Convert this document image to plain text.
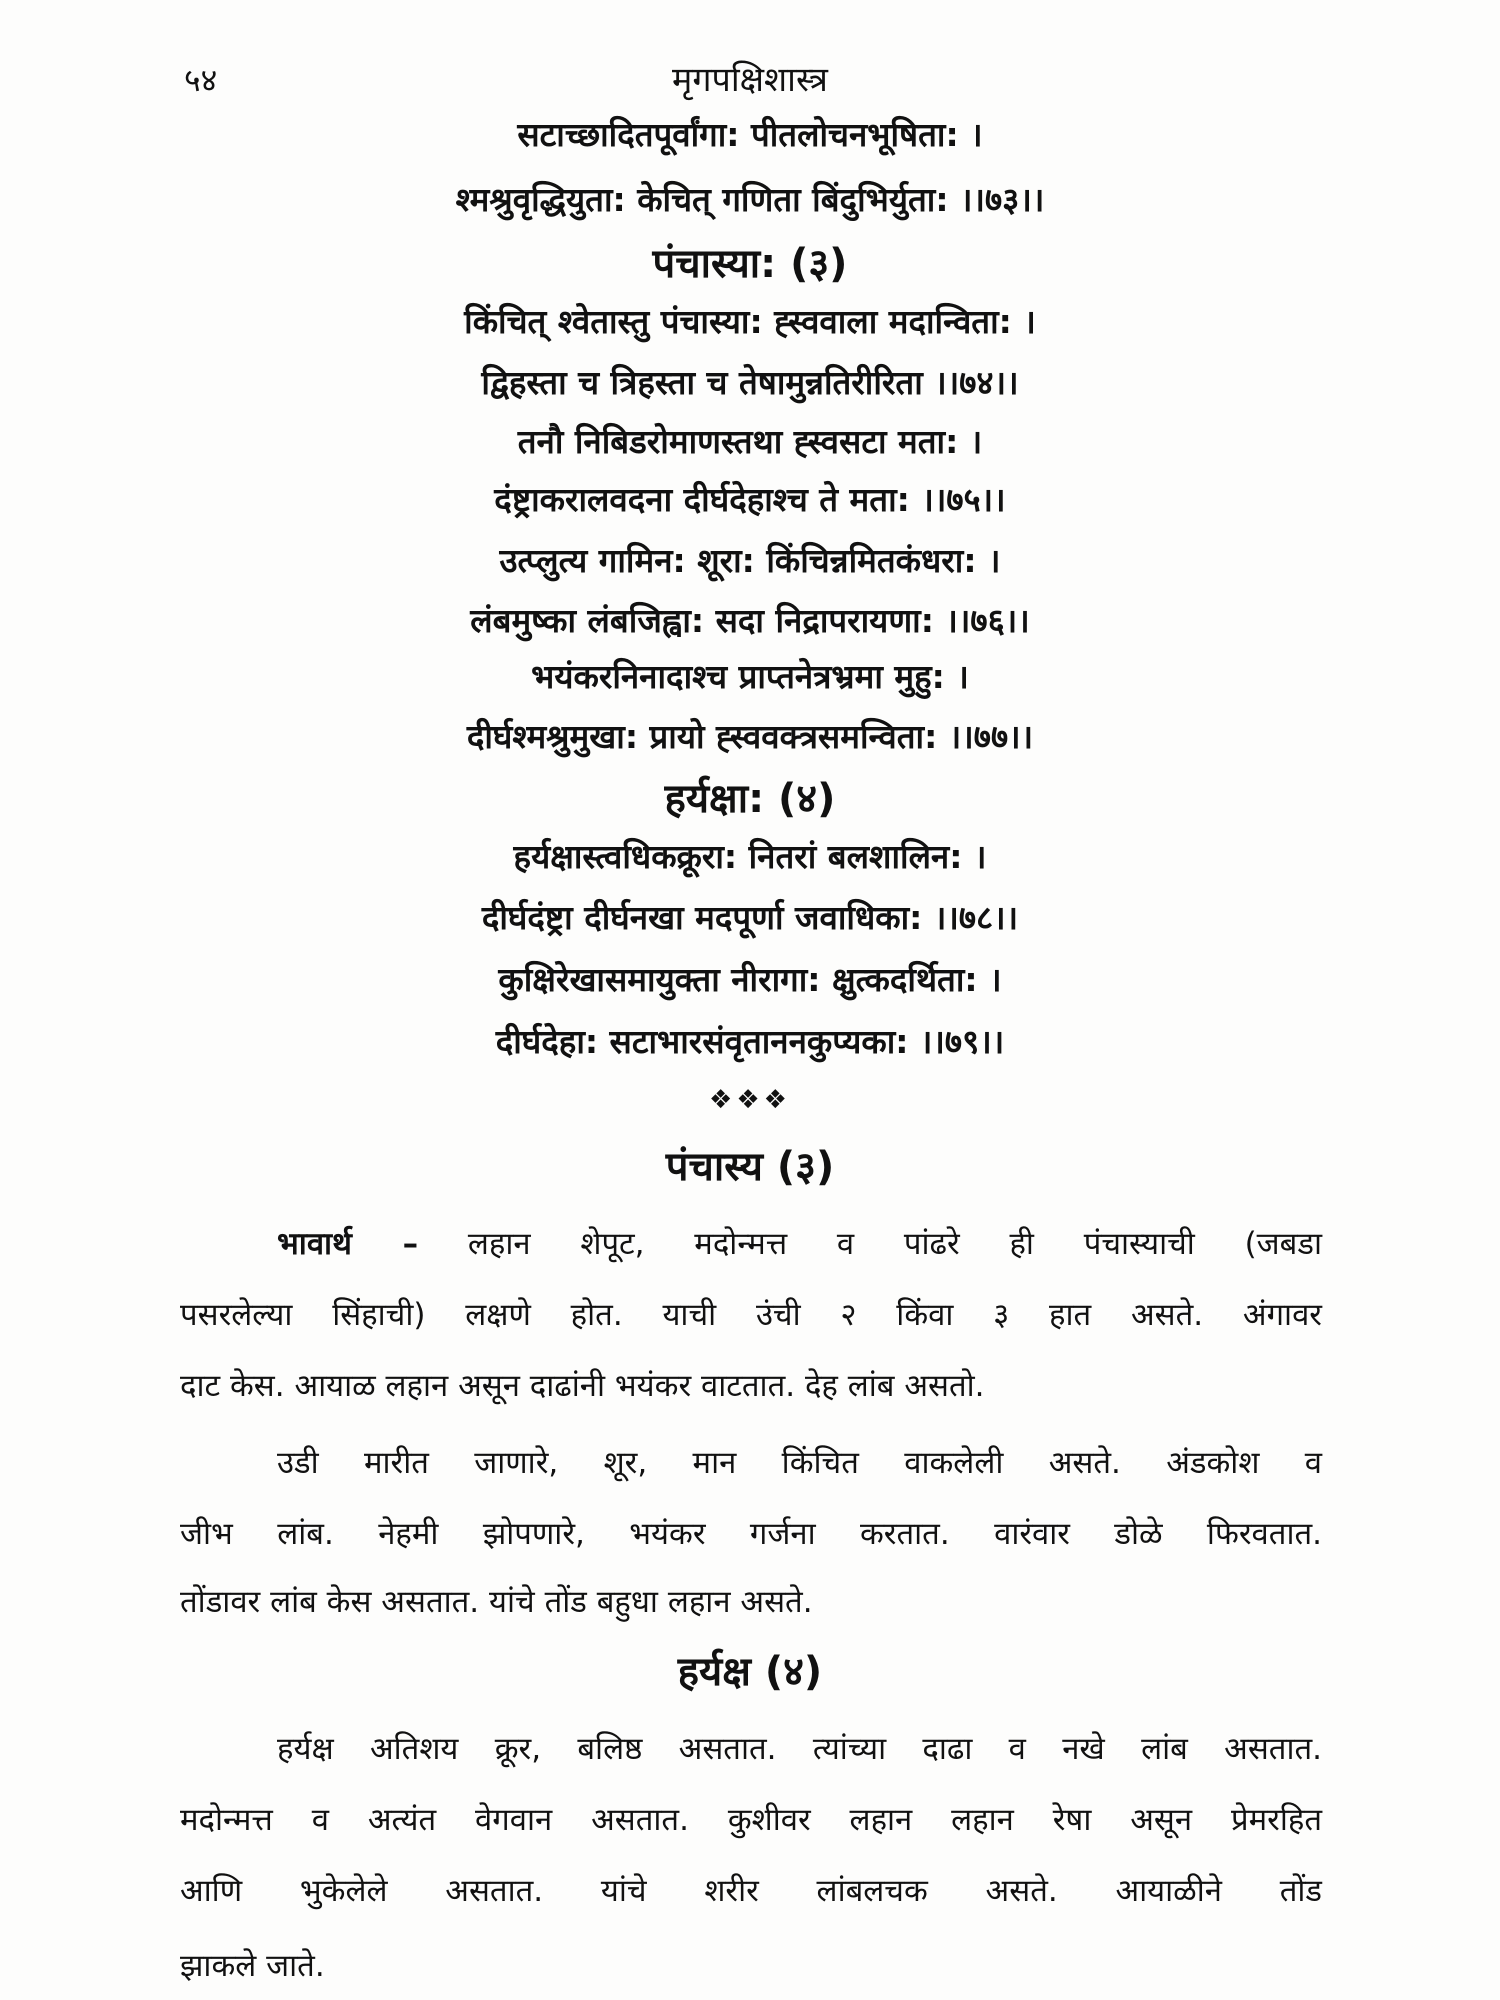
५४	मृगपक्षिशास्त्र
सटाच्छादितपूर्वांगा: पीतलोचनभूषिता: ।
श्मश्रुवृद्धियुता: केचित् गणिता बिंदुभिर्युता: ।।७३।।
पंचास्या: (३)
किंचित् श्वेतास्तु पंचास्या: ह्स्ववाला मदान्विता: ।
द्विहस्ता च त्रिहस्ता च तेषामुन्नतिरीरिता ।।७४।।
तनौ निबिडरोमाणस्तथा ह्स्वसटा मता: ।
दंष्ट्राकरालवदना दीर्घदेहाश्च ते मता: ।।७५।।
उत्प्लुत्य गामिन: शूरा: किंचिन्नमितकंधरा: ।
लंबमुष्का लंबजिह्वा: सदा निद्रापरायणा: ।।७६।।
भयंकरनिनादाश्च प्राप्तनेत्रभ्रमा मुहु: ।
दीर्घश्मश्रुमुखा: प्रायो ह्स्ववक्त्रसमन्विता: ।।७७।।
हर्यक्षा: (४)
हर्यक्षास्त्वधिकक्रूरा: नितरां बलशालिन: ।
दीर्घदंष्ट्रा दीर्घनखा मदपूर्णा जवाधिका: ।।७८।।
कुक्षिरेखासमायुक्ता नीरागा: क्षुत्कदर्थिता: ।
दीर्घदेहा: सटाभारसंवृताननकुप्यका: ।।७९।।
❖❖❖
पंचास्य (३)
भावार्थ – लहान शेपूट, मदोन्मत्त व पांढरे ही पंचास्याची (जबडा
पसरलेल्या सिंहाची) लक्षणे होत. याची उंची २ किंवा ३ हात असते. अंगावर
दाट केस. आयाळ लहान असून दाढांनी भयंकर वाटतात. देह लांब असतो.
उडी मारीत जाणारे, शूर, मान किंचित वाकलेली असते. अंडकोश व
जीभ लांब. नेहमी झोपणारे, भयंकर गर्जना करतात. वारंवार डोळे फिरवतात.
तोंडावर लांब केस असतात. यांचे तोंड बहुधा लहान असते.
हर्यक्ष (४)
हर्यक्ष अतिशय क्रूर, बलिष्ठ असतात. त्यांच्या दाढा व नखे लांब असतात.
मदोन्मत्त व अत्यंत वेगवान असतात. कुशीवर लहान लहान रेषा असून प्रेमरहित
आणि भुकेलेले असतात. यांचे शरीर लांबलचक असते. आयाळीने तोंड
झाकले जाते.
